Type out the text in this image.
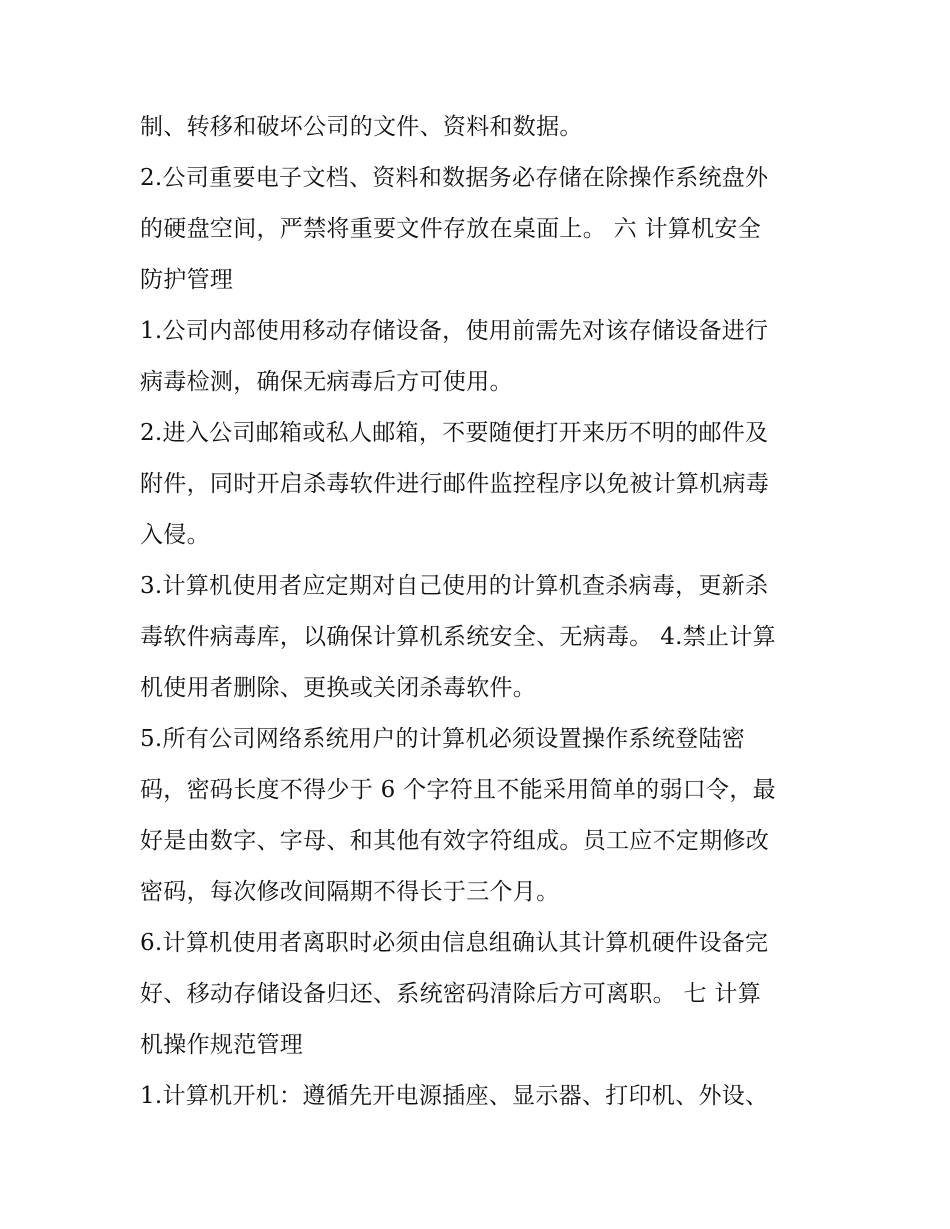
制、转移和破坏公司的文件、资料和数据。
2.公司重要电子文档、资料和数据务必存储在除操作系统盘外
的硬盘空间，严禁将重要文件存放在桌面上。 六 计算机安全
防护管理
1.公司内部使用移动存储设备，使用前需先对该存储设备进行
病毒检测，确保无病毒后方可使用。
2.进入公司邮箱或私人邮箱，不要随便打开来历不明的邮件及
附件，同时开启杀毒软件进行邮件监控程序以免被计算机病毒
入侵。
3.计算机使用者应定期对自己使用的计算机查杀病毒，更新杀
毒软件病毒库，以确保计算机系统安全、无病毒。 4.禁止计算
机使用者删除、更换或关闭杀毒软件。
5.所有公司网络系统用户的计算机必须设置操作系统登陆密
码，密码长度不得少于 6 个字符且不能采用简单的弱口令，最
好是由数字、字母、和其他有效字符组成。员工应不定期修改
密码，每次修改间隔期不得长于三个月。
6.计算机使用者离职时必须由信息组确认其计算机硬件设备完
好、移动存储设备归还、系统密码清除后方可离职。 七 计算
机操作规范管理
1.计算机开机：遵循先开电源插座、显示器、打印机、外设、
